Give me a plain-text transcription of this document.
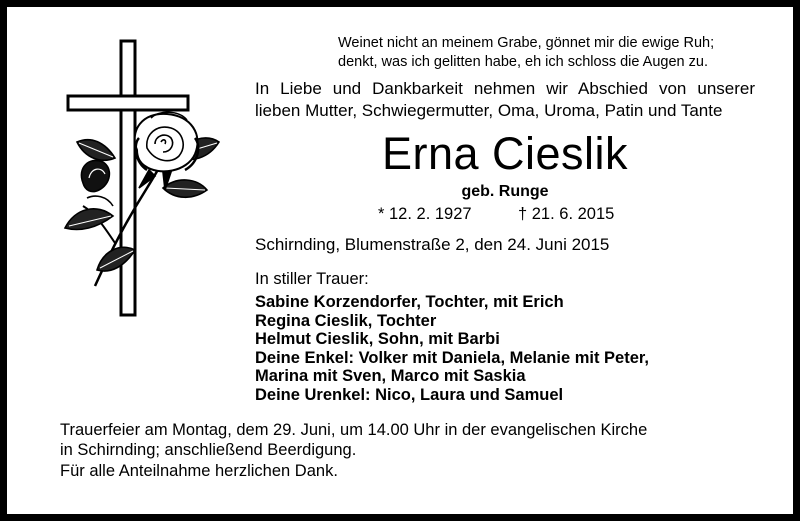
Weinet nicht an meinem Grabe, gönnet mir die ewige Ruh;
denkt, was ich gelitten habe, eh ich schloss die Augen zu.
In Liebe und Dankbarkeit nehmen wir Abschied von unserer
lieben Mutter, Schwiegermutter, Oma, Uroma, Patin und Tante
Erna Cieslik
geb. Runge
* 12. 2. 1927	† 21. 6. 2015
Schirnding, Blumenstraße 2, den 24. Juni 2015
In stiller Trauer:
Sabine Korzendorfer, Tochter, mit Erich
Regina Cieslik, Tochter
Helmut Cieslik, Sohn, mit Barbi
Deine Enkel: Volker mit Daniela, Melanie mit Peter,
Marina mit Sven, Marco mit Saskia
Deine Urenkel: Nico, Laura und Samuel
Trauerfeier am Montag, dem 29. Juni, um 14.00 Uhr in der evangelischen Kirche
in Schirnding; anschließend Beerdigung.
Für alle Anteilnahme herzlichen Dank.
